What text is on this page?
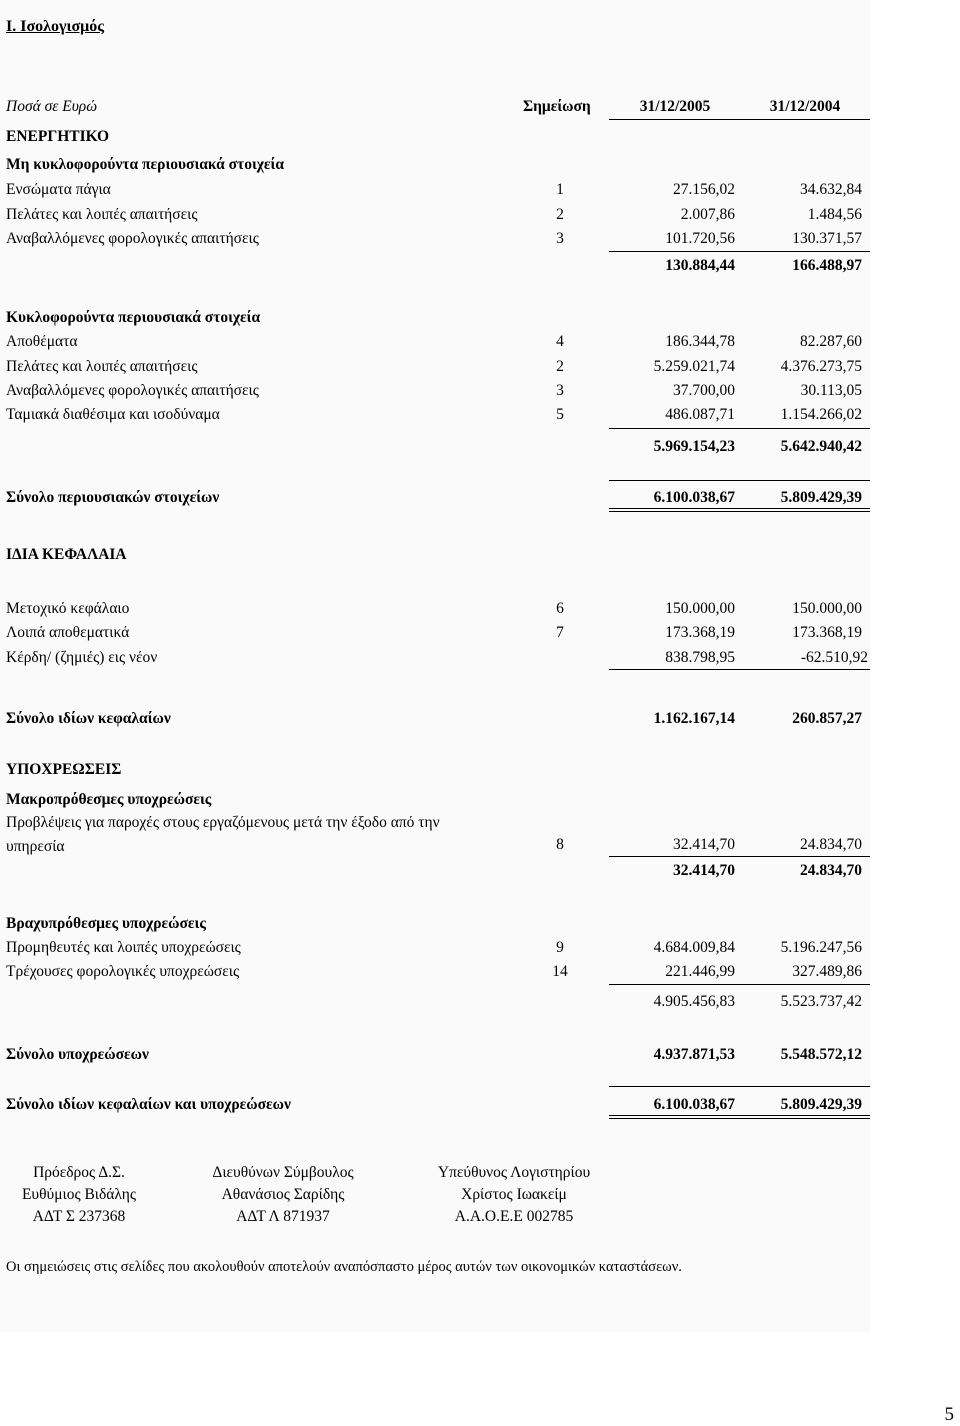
Ι. Ισολογισμός
Ποσά σε Ευρώ	Σημείωση	31/12/2005	31/12/2004
ΕΝΕΡΓΗΤΙΚΟ
Μη κυκλοφορούντα περιουσιακά στοιχεία
Ενσώματα πάγια	1	27.156,02	34.632,84
Πελάτες και λοιπές απαιτήσεις	2	2.007,86	1.484,56
Αναβαλλόμενες φορολογικές απαιτήσεις	3	101.720,56	130.371,57
130.884,44	166.488,97
Κυκλοφορούντα περιουσιακά στοιχεία
Αποθέματα	4	186.344,78	82.287,60
Πελάτες και λοιπές απαιτήσεις	2	5.259.021,74	4.376.273,75
Αναβαλλόμενες φορολογικές απαιτήσεις	3	37.700,00	30.113,05
Ταμιακά διαθέσιμα και ισοδύναμα	5	486.087,71	1.154.266,02
5.969.154,23	5.642.940,42
Σύνολο περιουσιακών στοιχείων	6.100.038,67	5.809.429,39
ΙΔΙΑ ΚΕΦΑΛΑΙΑ
Μετοχικό κεφάλαιο	6	150.000,00	150.000,00
Λοιπά αποθεματικά	7	173.368,19	173.368,19
Κέρδη/ (ζημιές) εις νέον	838.798,95	-62.510,92
Σύνολο ιδίων κεφαλαίων	1.162.167,14	260.857,27
ΥΠΟΧΡΕΩΣΕΙΣ
Μακροπρόθεσμες υποχρεώσεις
Προβλέψεις για παροχές στους εργαζόμενους μετά την έξοδο από την
υπηρεσία	8	32.414,70	24.834,70
32.414,70	24.834,70
Βραχυπρόθεσμες υποχρεώσεις
Προμηθευτές και λοιπές υποχρεώσεις	9	4.684.009,84	5.196.247,56
Τρέχουσες φορολογικές υποχρεώσεις	14	221.446,99	327.489,86
4.905.456,83	5.523.737,42
Σύνολο υποχρεώσεων	4.937.871,53	5.548.572,12
Σύνολο ιδίων κεφαλαίων και υποχρεώσεων	6.100.038,67	5.809.429,39
Πρόεδρος Δ.Σ.
Ευθύμιος Βιδάλης
ΑΔΤ Σ 237368
Διευθύνων Σύμβουλος
Αθανάσιος Σαρίδης
ΑΔΤ Λ 871937
Υπεύθυνος Λογιστηρίου
Χρίστος Ιωακείμ
Α.Α.Ο.Ε.Ε 002785
Οι σημειώσεις στις σελίδες που ακολουθούν αποτελούν αναπόσπαστο μέρος αυτών των οικονομικών καταστάσεων.
5
